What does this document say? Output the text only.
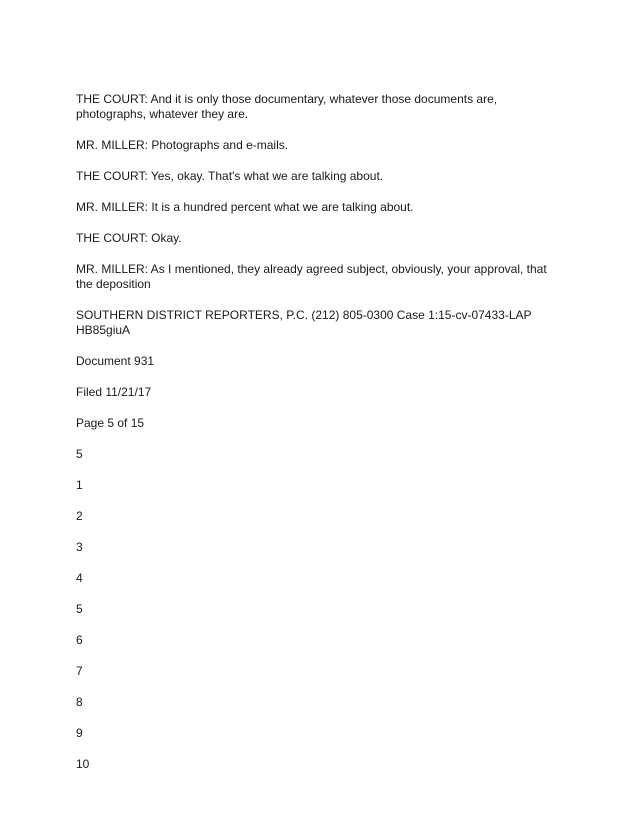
THE COURT: And it is only those documentary, whatever those documents are, photographs, whatever they are.

MR. MILLER: Photographs and e-mails.

THE COURT: Yes, okay. That's what we are talking about.

MR. MILLER: It is a hundred percent what we are talking about.

THE COURT: Okay.

MR. MILLER: As I mentioned, they already agreed subject, obviously, your approval, that the deposition

SOUTHERN DISTRICT REPORTERS, P.C. (212) 805-0300 Case 1:15-cv-07433-LAP HB85giuA

Document 931

Filed 11/21/17

Page 5 of 15

5
1
2
3
4
5
6
7
8
9
10
